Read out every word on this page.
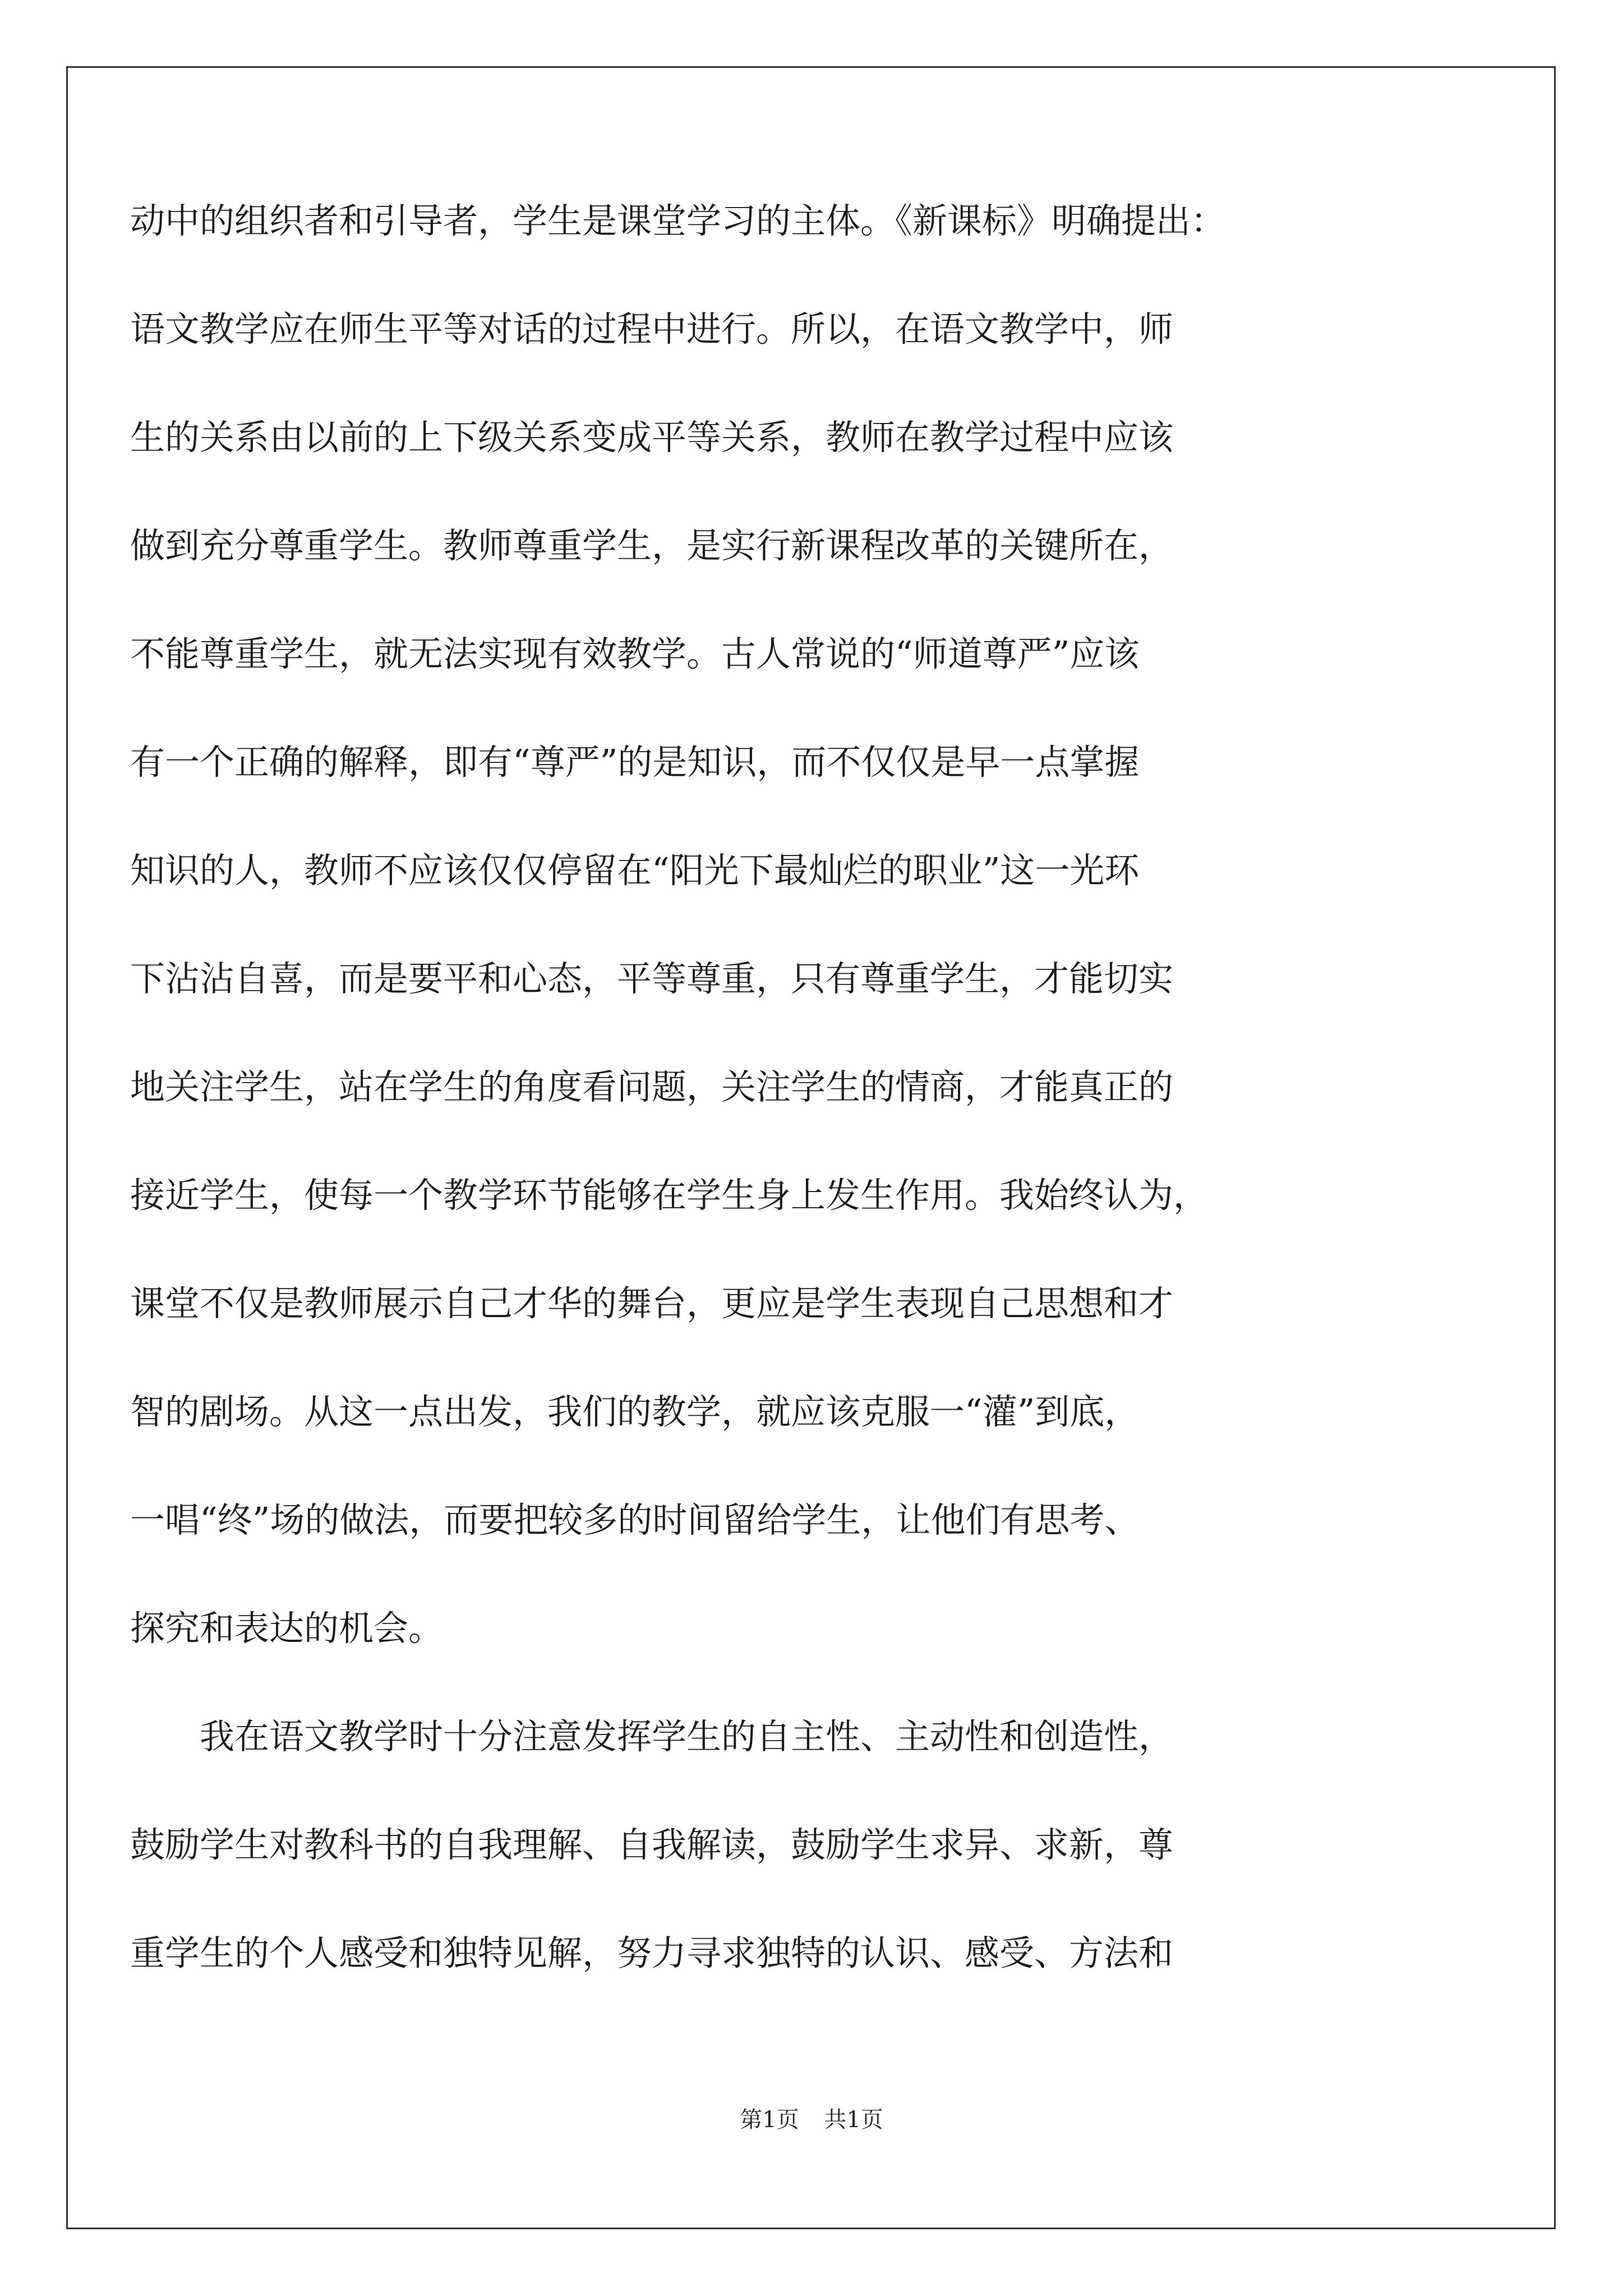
动中的组织者和引导者，学生是课堂学习的主体。《新课标》明确提出：
语文教学应在师生平等对话的过程中进行。所以，在语文教学中，师
生的关系由以前的上下级关系变成平等关系，教师在教学过程中应该
做到充分尊重学生。教师尊重学生，是实行新课程改革的关键所在，
不能尊重学生，就无法实现有效教学。古人常说的“师道尊严”应该
有一个正确的解释，即有“尊严”的是知识，而不仅仅是早一点掌握
知识的人，教师不应该仅仅停留在“阳光下最灿烂的职业”这一光环
下沾沾自喜，而是要平和心态，平等尊重，只有尊重学生，才能切实
地关注学生，站在学生的角度看问题，关注学生的情商，才能真正的
接近学生，使每一个教学环节能够在学生身上发生作用。我始终认为，
课堂不仅是教师展示自己才华的舞台，更应是学生表现自己思想和才
智的剧场。从这一点出发，我们的教学，就应该克服一“灌”到底，
一唱“终”场的做法，而要把较多的时间留给学生，让他们有思考、
探究和表达的机会。
　　我在语文教学时十分注意发挥学生的自主性、主动性和创造性，
鼓励学生对教科书的自我理解、自我解读，鼓励学生求异、求新，尊
重学生的个人感受和独特见解，努力寻求独特的认识、感受、方法和
第1页 共1页
